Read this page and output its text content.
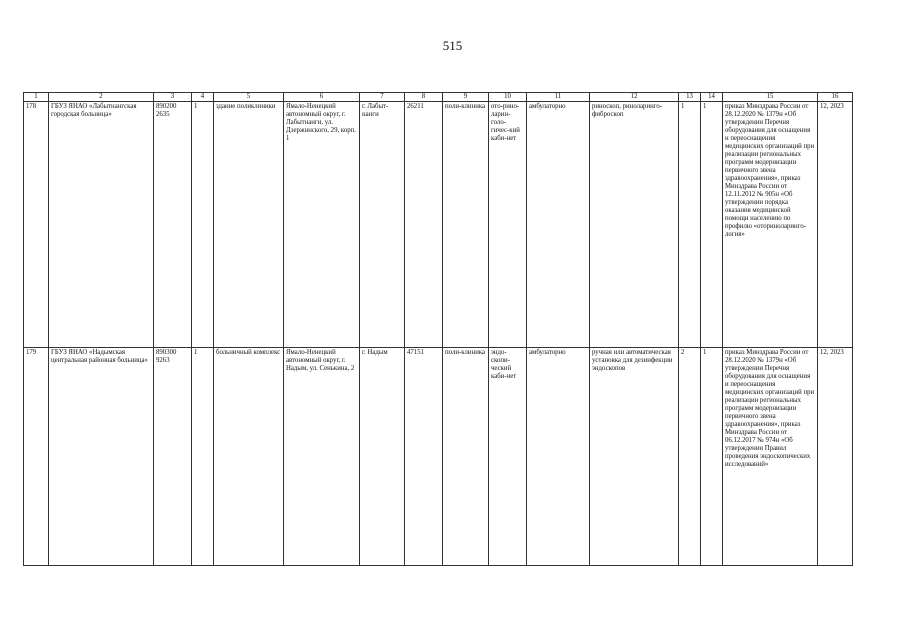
515
1	2	3	4	5	6	7	8	9	10	11	12	13	14	15	16
178	ГБУЗ ЯНАО «Лабытнангская городская больница»	890200 2635	1	здание поликлиники	Ямало-Ненецкий автономный округ, г. Лабытнанги, ул. Дзержинского, 29, корп. 1	г. Лабыт-нанги	26211	поли-клиника	ото-рино-ларин-голо-гичес-кий каби-нет	амбулаторно	риноскоп, риноларинго-фиброскоп	1	1	приказ Минздрава России от 28.12.2020 № 1379н «Об утверждении Перечня оборудования для оснащения и переоснащения медицинских организаций при реализации региональных программ модернизации первичного звена здравоохранения», приказ Минздрава России от 12.11.2012 № 905н «Об утверждении порядка оказания медицинской помощи населению по профилю «оториноларинго-логия»	12, 2023
179	ГБУЗ ЯНАО «Надымская центральная районная больница»	890300 9263	1	больничный комплекс	Ямало-Ненецкий автономный округ, г. Надым, ул. Сенькина, 2	г. Надым	47151	поли-клиника	эндо-скопи-ческий каби-нет	амбулаторно	ручная или автоматическая установка для дезинфекции эндоскопов	2	1	приказ Минздрава России от 28.12.2020 № 1379н «Об утверждении Перечня оборудования для оснащения и переоснащения медицинских организаций при реализации региональных программ модернизации первичного звена здравоохранения», приказ Минздрава России от 06.12.2017 № 974н «Об утверждении Правил проведения эндоскопических исследований»	12, 2023
